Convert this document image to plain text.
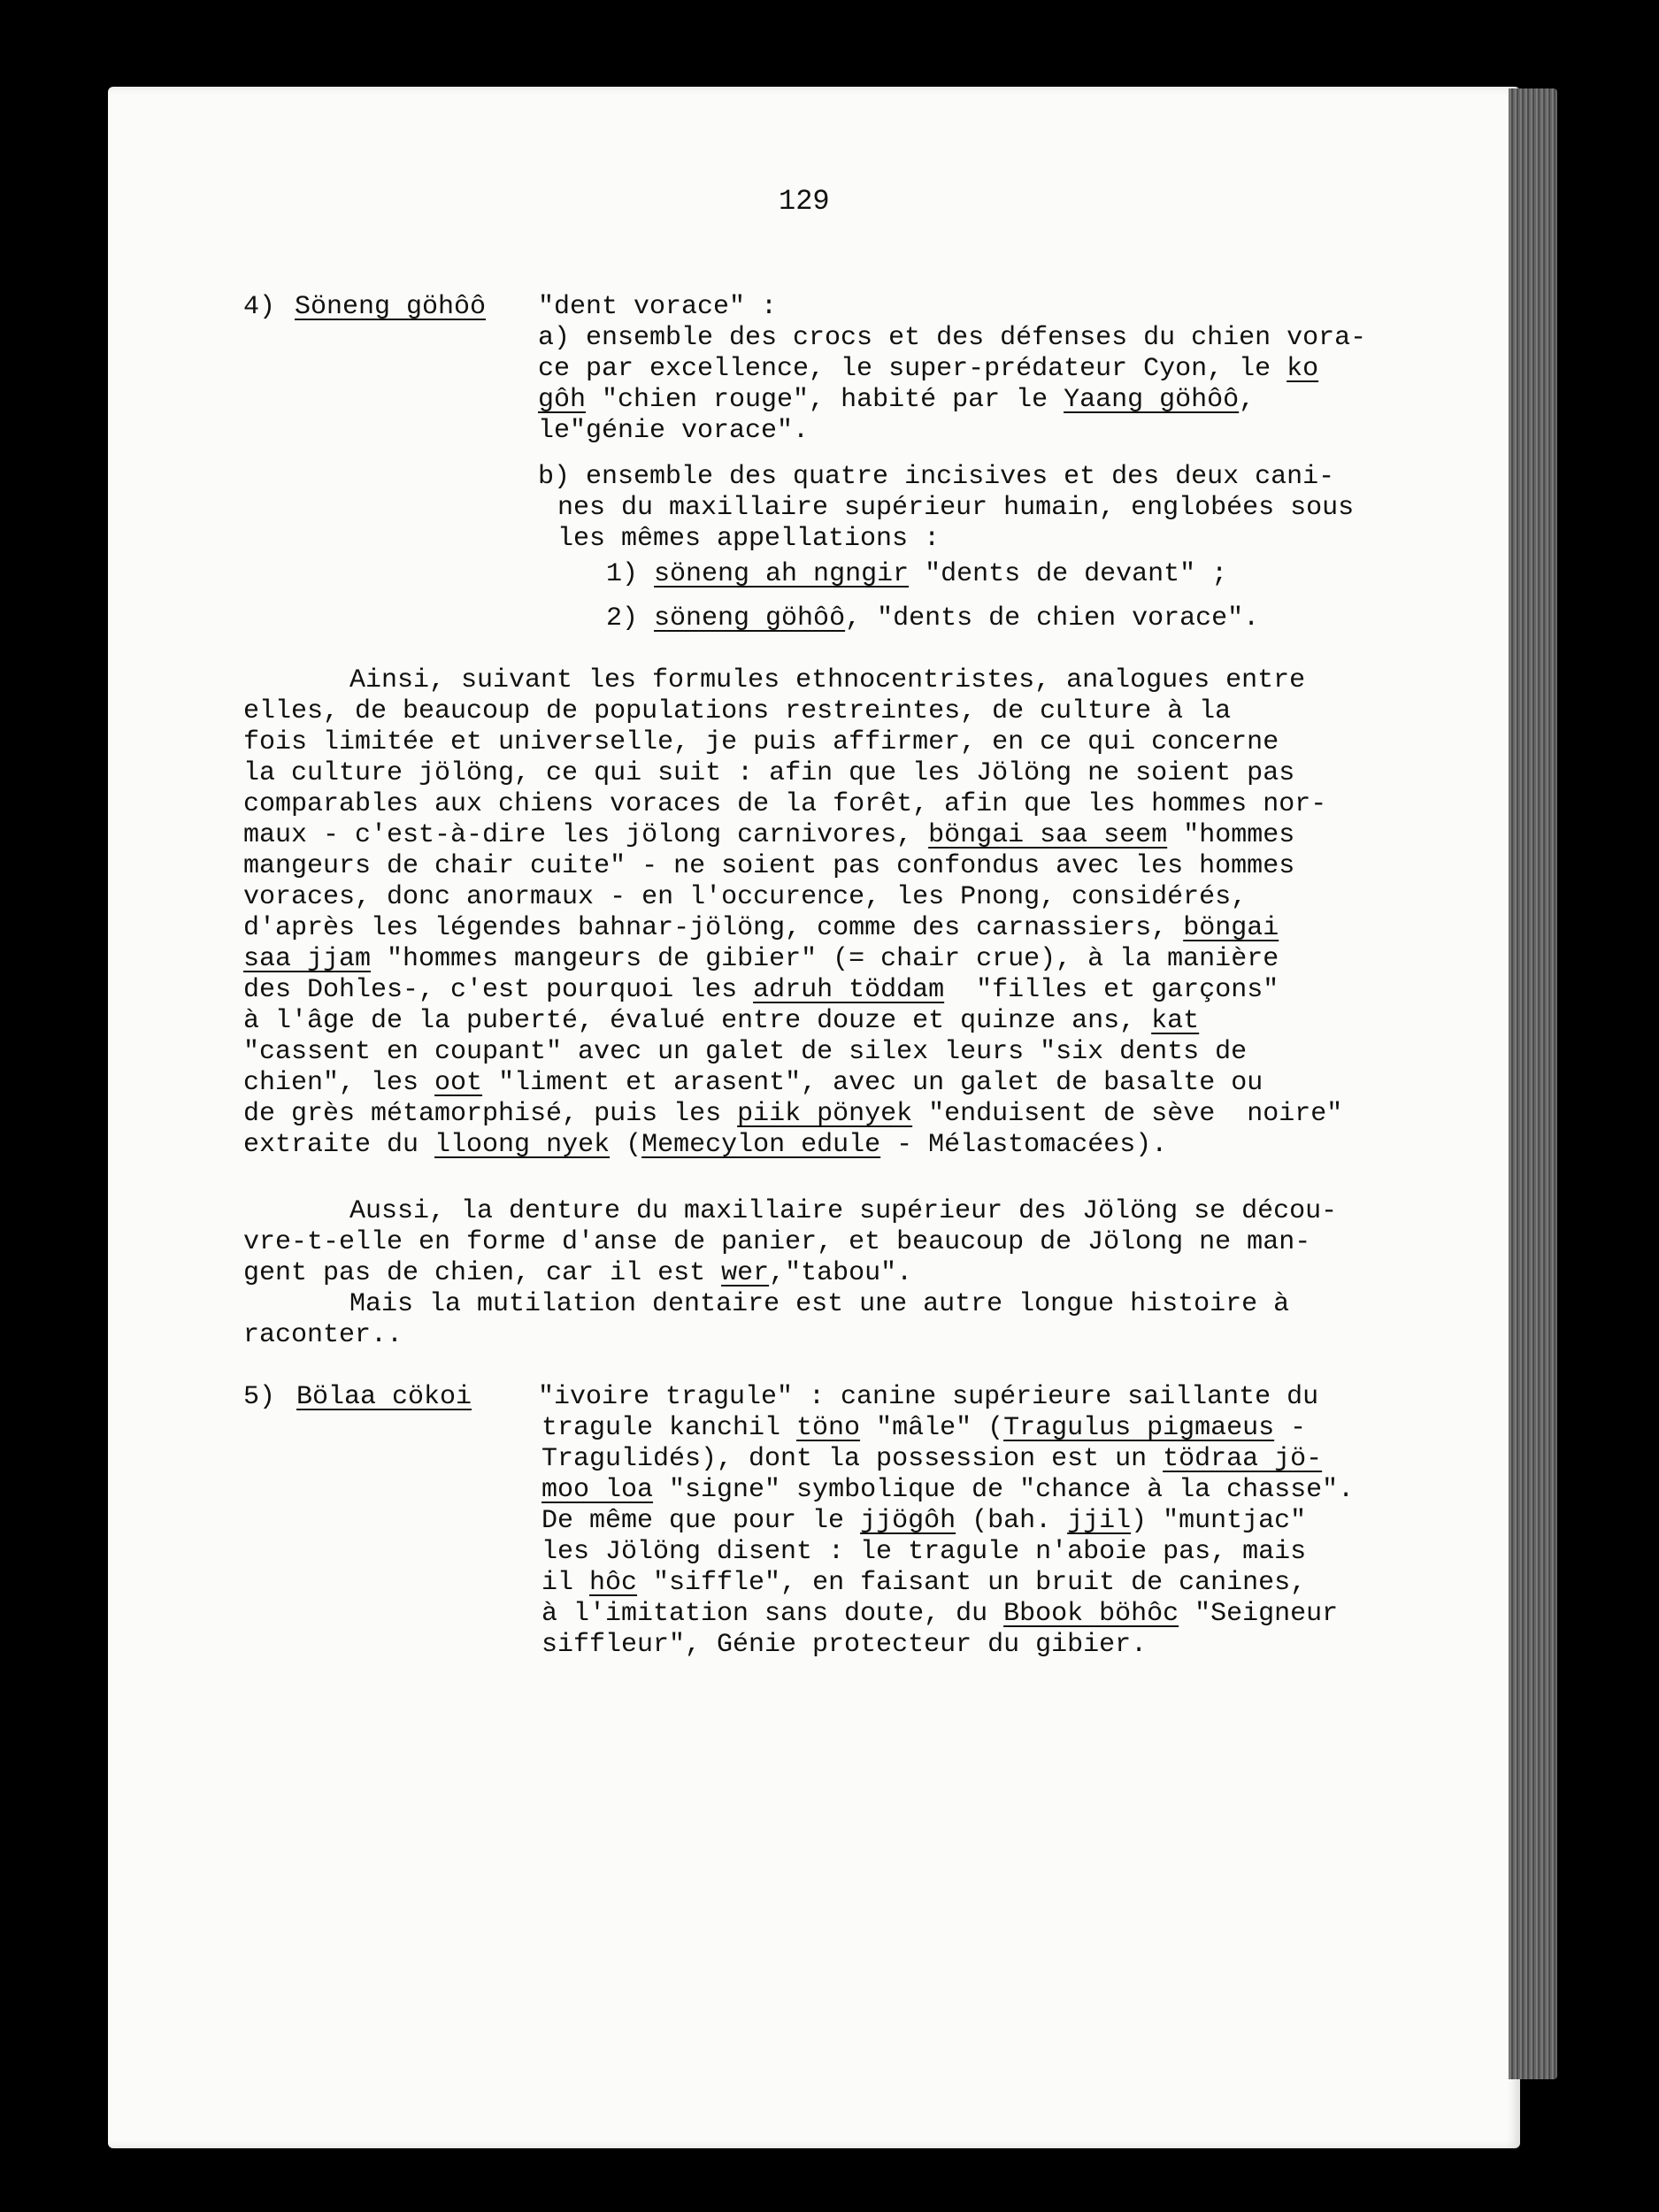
129
4) Söneng göhôô "dent vorace" :
a) ensemble des crocs et des défenses du chien vora-
ce par excellence, le super-prédateur Cyon, le ko
gôh "chien rouge", habité par le Yaang göhôô,
le"génie vorace".
b) ensemble des quatre incisives et des deux cani-
nes du maxillaire supérieur humain, englobées sous
les mêmes appellations :
1) söneng ah ngngir "dents de devant" ;
2) söneng göhôô, "dents de chien vorace".
Ainsi, suivant les formules ethnocentristes, analogues entre
elles, de beaucoup de populations restreintes, de culture à la
fois limitée et universelle, je puis affirmer, en ce qui concerne
la culture jölöng, ce qui suit : afin que les Jölöng ne soient pas
comparables aux chiens voraces de la forêt, afin que les hommes nor-
maux - c'est-à-dire les jölong carnivores, böngai saa seem "hommes
mangeurs de chair cuite" - ne soient pas confondus avec les hommes
voraces, donc anormaux - en l'occurence, les Pnong, considérés,
d'après les légendes bahnar-jölöng, comme des carnassiers, böngai
saa jjam "hommes mangeurs de gibier" (= chair crue), à la manière
des Dohles-, c'est pourquoi les adruh töddam  "filles et garçons"
à l'âge de la puberté, évalué entre douze et quinze ans, kat
"cassent en coupant" avec un galet de silex leurs "six dents de
chien", les oot "liment et arasent", avec un galet de basalte ou
de grès métamorphisé, puis les piik pönyek "enduisent de sève  noire"
extraite du lloong nyek (Memecylon edule - Mélastomacées).
Aussi, la denture du maxillaire supérieur des Jölöng se décou-
vre-t-elle en forme d'anse de panier, et beaucoup de Jölong ne man-
gent pas de chien, car il est wer,"tabou".
Mais la mutilation dentaire est une autre longue histoire à
raconter..
5) Bölaa cökoi "ivoire tragule" : canine supérieure saillante du
tragule kanchil töno "mâle" (Tragulus pigmaeus -
Tragulidés), dont la possession est un tödraa jö-
moo loa "signe" symbolique de "chance à la chasse".
De même que pour le jjögôh (bah. jjil) "muntjac"
les Jölöng disent : le tragule n'aboie pas, mais
il hôc "siffle", en faisant un bruit de canines,
à l'imitation sans doute, du Bbook böhôc "Seigneur
siffleur", Génie protecteur du gibier.
